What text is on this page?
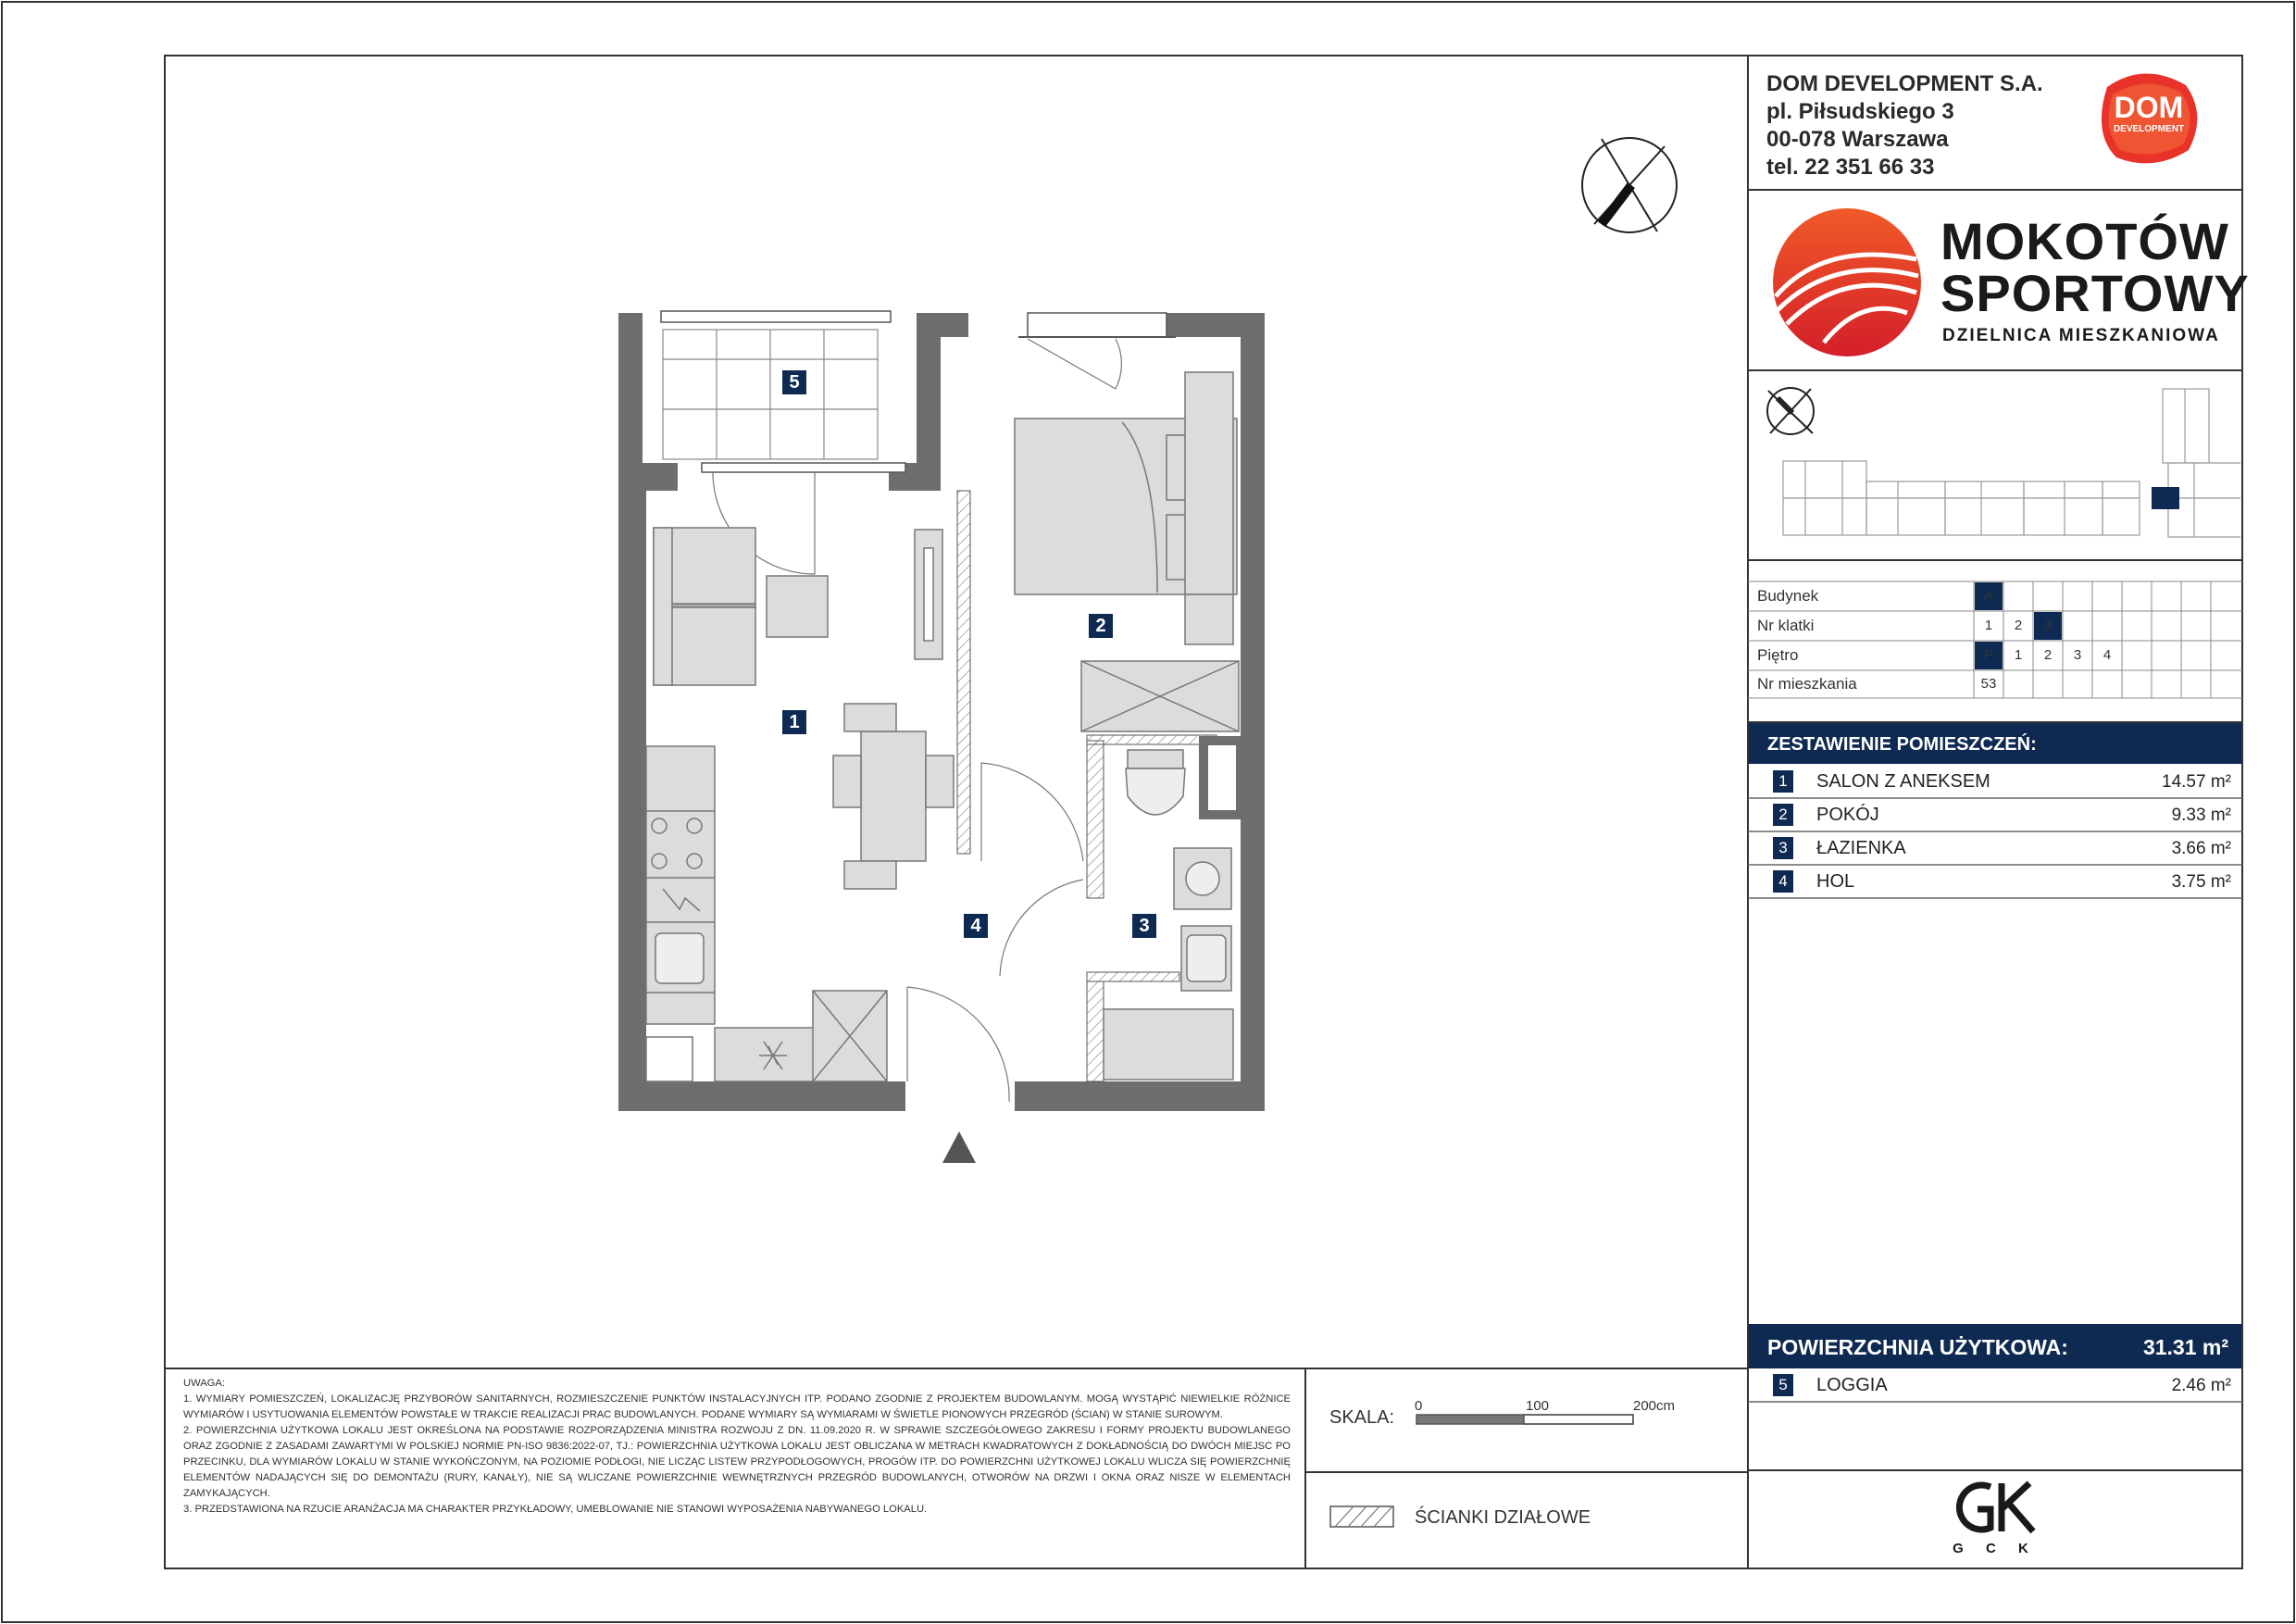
DOM DEVELOPMENT S.A.
pl. Piłsudskiego 3
00-078 Warszawa
tel. 22 351 66 33
DOM
DEVELOPMENT
MOKOTÓW
SPORTOWY
DZIELNICA MIESZKANIOWA
Budynek	A
Nr klatki	1	2	3
Piętro	P	1	2	3	4
Nr mieszkania	53
ZESTAWIENIE POMIESZCZEŃ:
1	SALON Z ANEKSEM	14.57 m²
2	POKÓJ	9.33 m²
3	ŁAZIENKA	3.66 m²
4	HOL	3.75 m²
POWIERZCHNIA UŻYTKOWA:	31.31 m²
5	LOGGIA	2.46 m²
G C K
SKALA:
0	100	200cm
ŚCIANKI DZIAŁOWE

UWAGA:

1. WYMIARY POMIESZCZEŃ, LOKALIZACJĘ PRZYBORÓW SANITARNYCH, ROZMIESZCZENIE PUNKTÓW INSTALACYJNYCH ITP. PODANO ZGODNIE Z PROJEKTEM BUDOWLANYM. MOGĄ WYSTĄPIĆ NIEWIELKIE RÓŻNICE WYMIARÓW I USYTUOWANIA ELEMENTÓW POWSTAŁE W TRAKCIE REALIZACJI PRAC BUDOWLANYCH. PODANE WYMIARY SĄ WYMIARAMI W ŚWIETLE PIONOWYCH PRZEGRÓD (ŚCIAN) W STANIE SUROWYM.

2. POWIERZCHNIA UŻYTKOWA LOKALU JEST OKREŚLONA NA PODSTAWIE ROZPORZĄDZENIA MINISTRA ROZWOJU Z DN. 11.09.2020 R. W SPRAWIE SZCZEGÓŁOWEGO ZAKRESU I FORMY PROJEKTU BUDOWLANEGO ORAZ ZGODNIE Z ZASADAMI ZAWARTYMI W POLSKIEJ NORMIE PN-ISO 9836:2022-07, TJ.: POWIERZCHNIA UŻYTKOWA LOKALU JEST OBLICZANA W METRACH KWADRATOWYCH Z DOKŁADNOŚCIĄ DO DWÓCH MIEJSC PO PRZECINKU, DLA WYMIARÓW LOKALU W STANIE WYKOŃCZONYM, NA POZIOMIE PODŁOGI, NIE LICZĄC LISTEW PRZYPODŁOGOWYCH, PROGÓW ITP. DO POWIERZCHNI UŻYTKOWEJ LOKALU WLICZA SIĘ POWIERZCHNIĘ ELEMENTÓW NADAJĄCYCH SIĘ DO DEMONTAŻU (RURY, KANAŁY), NIE SĄ WLICZANE POWIERZCHNIE WEWNĘTRZNYCH PRZEGRÓD BUDOWLANYCH, OTWORÓW NA DRZWI I OKNA ORAZ NISZE W ELEMENTACH ZAMYKAJĄCYCH.

3. PRZEDSTAWIONA NA RZUCIE ARANŻACJA MA CHARAKTER PRZYKŁADOWY, UMEBLOWANIE NIE STANOWI WYPOSAŻENIA NABYWANEGO LOKALU.

5
1
2
4	3
